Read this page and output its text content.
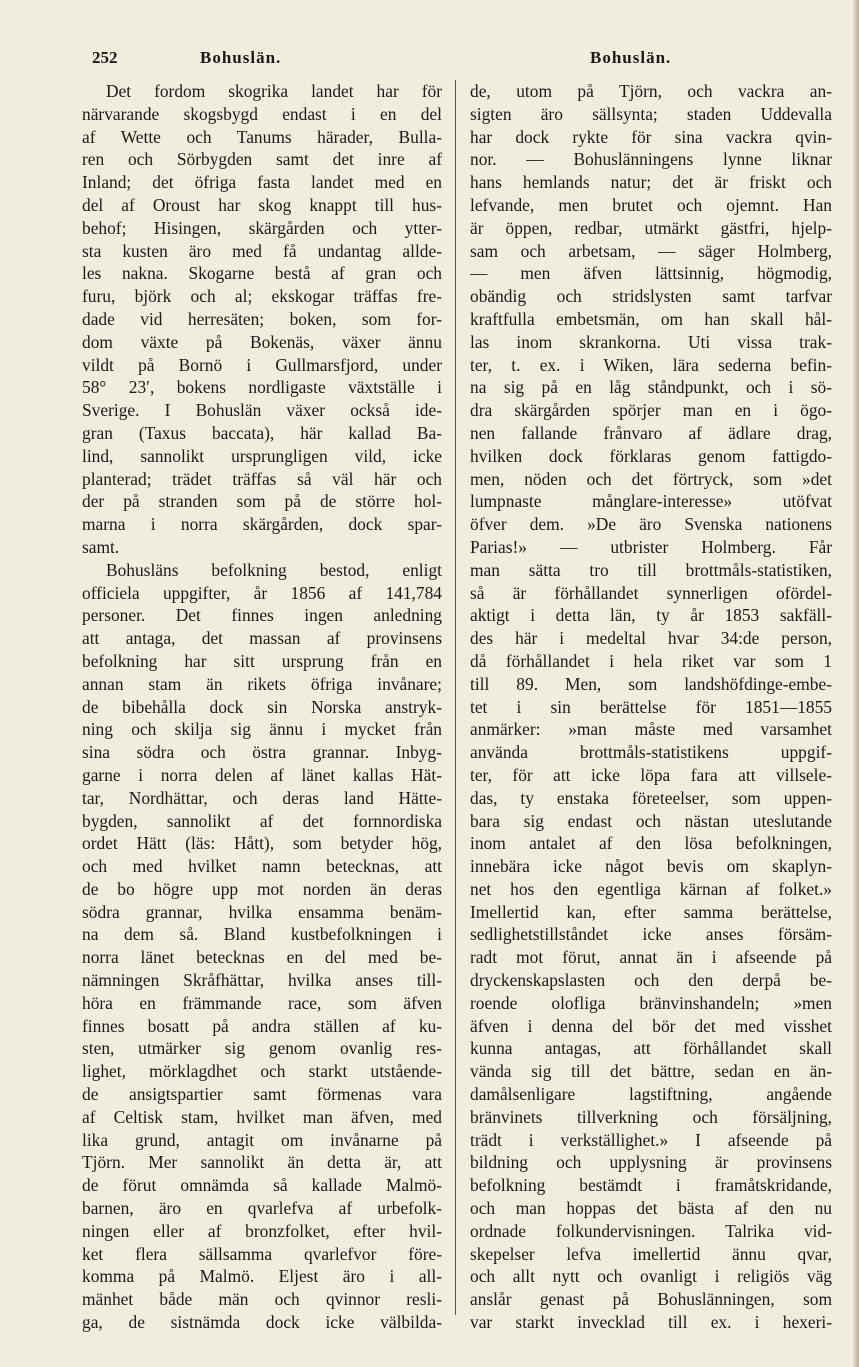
252	Bohuslän.	Bohuslän.
Det fordom skogrika landet har för
närvarande skogsbygd endast i en del
af Wette och Tanums härader, Bulla-
ren och Sörbygden samt det inre af
Inland; det öfriga fasta landet med en
del af Oroust har skog knappt till hus-
behof; Hisingen, skärgården och ytter-
sta kusten äro med få undantag allde-
les nakna. Skogarne bestå af gran och
furu, björk och al; ekskogar träffas fre-
dade vid herresäten; boken, som for-
dom växte på Bokenäs, växer ännu
vildt på Bornö i Gullmarsfjord, under
58° 23′, bokens nordligaste växtställe i
Sverige. I Bohuslän växer också ide-
gran (Taxus baccata), här kallad Ba-
lind, sannolikt ursprungligen vild, icke
planterad; trädet träffas så väl här och
der på stranden som på de större hol-
marna i norra skärgården, dock spar-
samt.
Bohusläns befolkning bestod, enligt
officiela uppgifter, år 1856 af 141,784
personer. Det finnes ingen anledning
att antaga, det massan af provinsens
befolkning har sitt ursprung från en
annan stam än rikets öfriga invånare;
de bibehålla dock sin Norska anstryk-
ning och skilja sig ännu i mycket från
sina södra och östra grannar. Inbyg-
garne i norra delen af länet kallas Hät-
tar, Nordhättar, och deras land Hätte-
bygden, sannolikt af det fornnordiska
ordet Hätt (läs: Hått), som betyder hög,
och med hvilket namn betecknas, att
de bo högre upp mot norden än deras
södra grannar, hvilka ensamma benäm-
na dem så. Bland kustbefolkningen i
norra länet betecknas en del med be-
nämningen Skråfhättar, hvilka anses till-
höra en främmande race, som äfven
finnes bosatt på andra ställen af ku-
sten, utmärker sig genom ovanlig res-
lighet, mörklagdhet och starkt utstående-
de ansigtspartier samt förmenas vara
af Celtisk stam, hvilket man äfven, med
lika grund, antagit om invånarne på
Tjörn. Mer sannolikt än detta är, att
de förut omnämda så kallade Malmö-
barnen, äro en qvarlefva af urbefolk-
ningen eller af bronzfolket, efter hvil-
ket flera sällsamma qvarlefvor före-
komma på Malmö. Eljest äro i all-
mänhet både män och qvinnor resli-
ga, de sistnämda dock icke välbilda-
de, utom på Tjörn, och vackra an-
sigten äro sällsynta; staden Uddevalla
har dock rykte för sina vackra qvin-
nor. — Bohuslänningens lynne liknar
hans hemlands natur; det är friskt och
lefvande, men brutet och ojemnt. Han
är öppen, redbar, utmärkt gästfri, hjelp-
sam och arbetsam, — säger Holmberg,
— men äfven lättsinnig, högmodig,
obändig och stridslysten samt tarfvar
kraftfulla embetsmän, om han skall hål-
las inom skrankorna. Uti vissa trak-
ter, t. ex. i Wiken, lära sederna befin-
na sig på en låg ståndpunkt, och i sö-
dra skärgården spörjer man en i ögo-
nen fallande frånvaro af ädlare drag,
hvilken dock förklaras genom fattigdo-
men, nöden och det förtryck, som »det
lumpnaste månglare-interesse» utöfvat
öfver dem. »De äro Svenska nationens
Parias!» — utbrister Holmberg. Får
man sätta tro till brottmåls-statistiken,
så är förhållandet synnerligen ofördel-
aktigt i detta län, ty år 1853 sakfäll-
des här i medeltal hvar 34:de person,
då förhållandet i hela riket var som 1
till 89. Men, som landshöfdinge-embe-
tet i sin berättelse för 1851—1855
anmärker: »man måste med varsamhet
använda brottmåls-statistikens uppgif-
ter, för att icke löpa fara att villsele-
das, ty enstaka företeelser, som uppen-
bara sig endast och nästan uteslutande
inom antalet af den lösa befolkningen,
innebära icke något bevis om skaplyn-
net hos den egentliga kärnan af folket.»
Imellertid kan, efter samma berättelse,
sedlighetstillståndet icke anses försäm-
radt mot förut, annat än i afseende på
dryckenskapslasten och den derpå be-
roende olofliga bränvinshandeln; »men
äfven i denna del bör det med visshet
kunna antagas, att förhållandet skall
vända sig till det bättre, sedan en än-
damålsenligare lagstiftning, angående
bränvinets tillverkning och försäljning,
trädt i verkställighet.» I afseende på
bildning och upplysning är provinsens
befolkning bestämdt i framåtskridande,
och man hoppas det bästa af den nu
ordnade folkundervisningen. Talrika vid-
skepelser lefva imellertid ännu qvar,
och allt nytt och ovanligt i religiös väg
anslår genast på Bohuslänningen, som
var starkt invecklad till ex. i hexeri-
